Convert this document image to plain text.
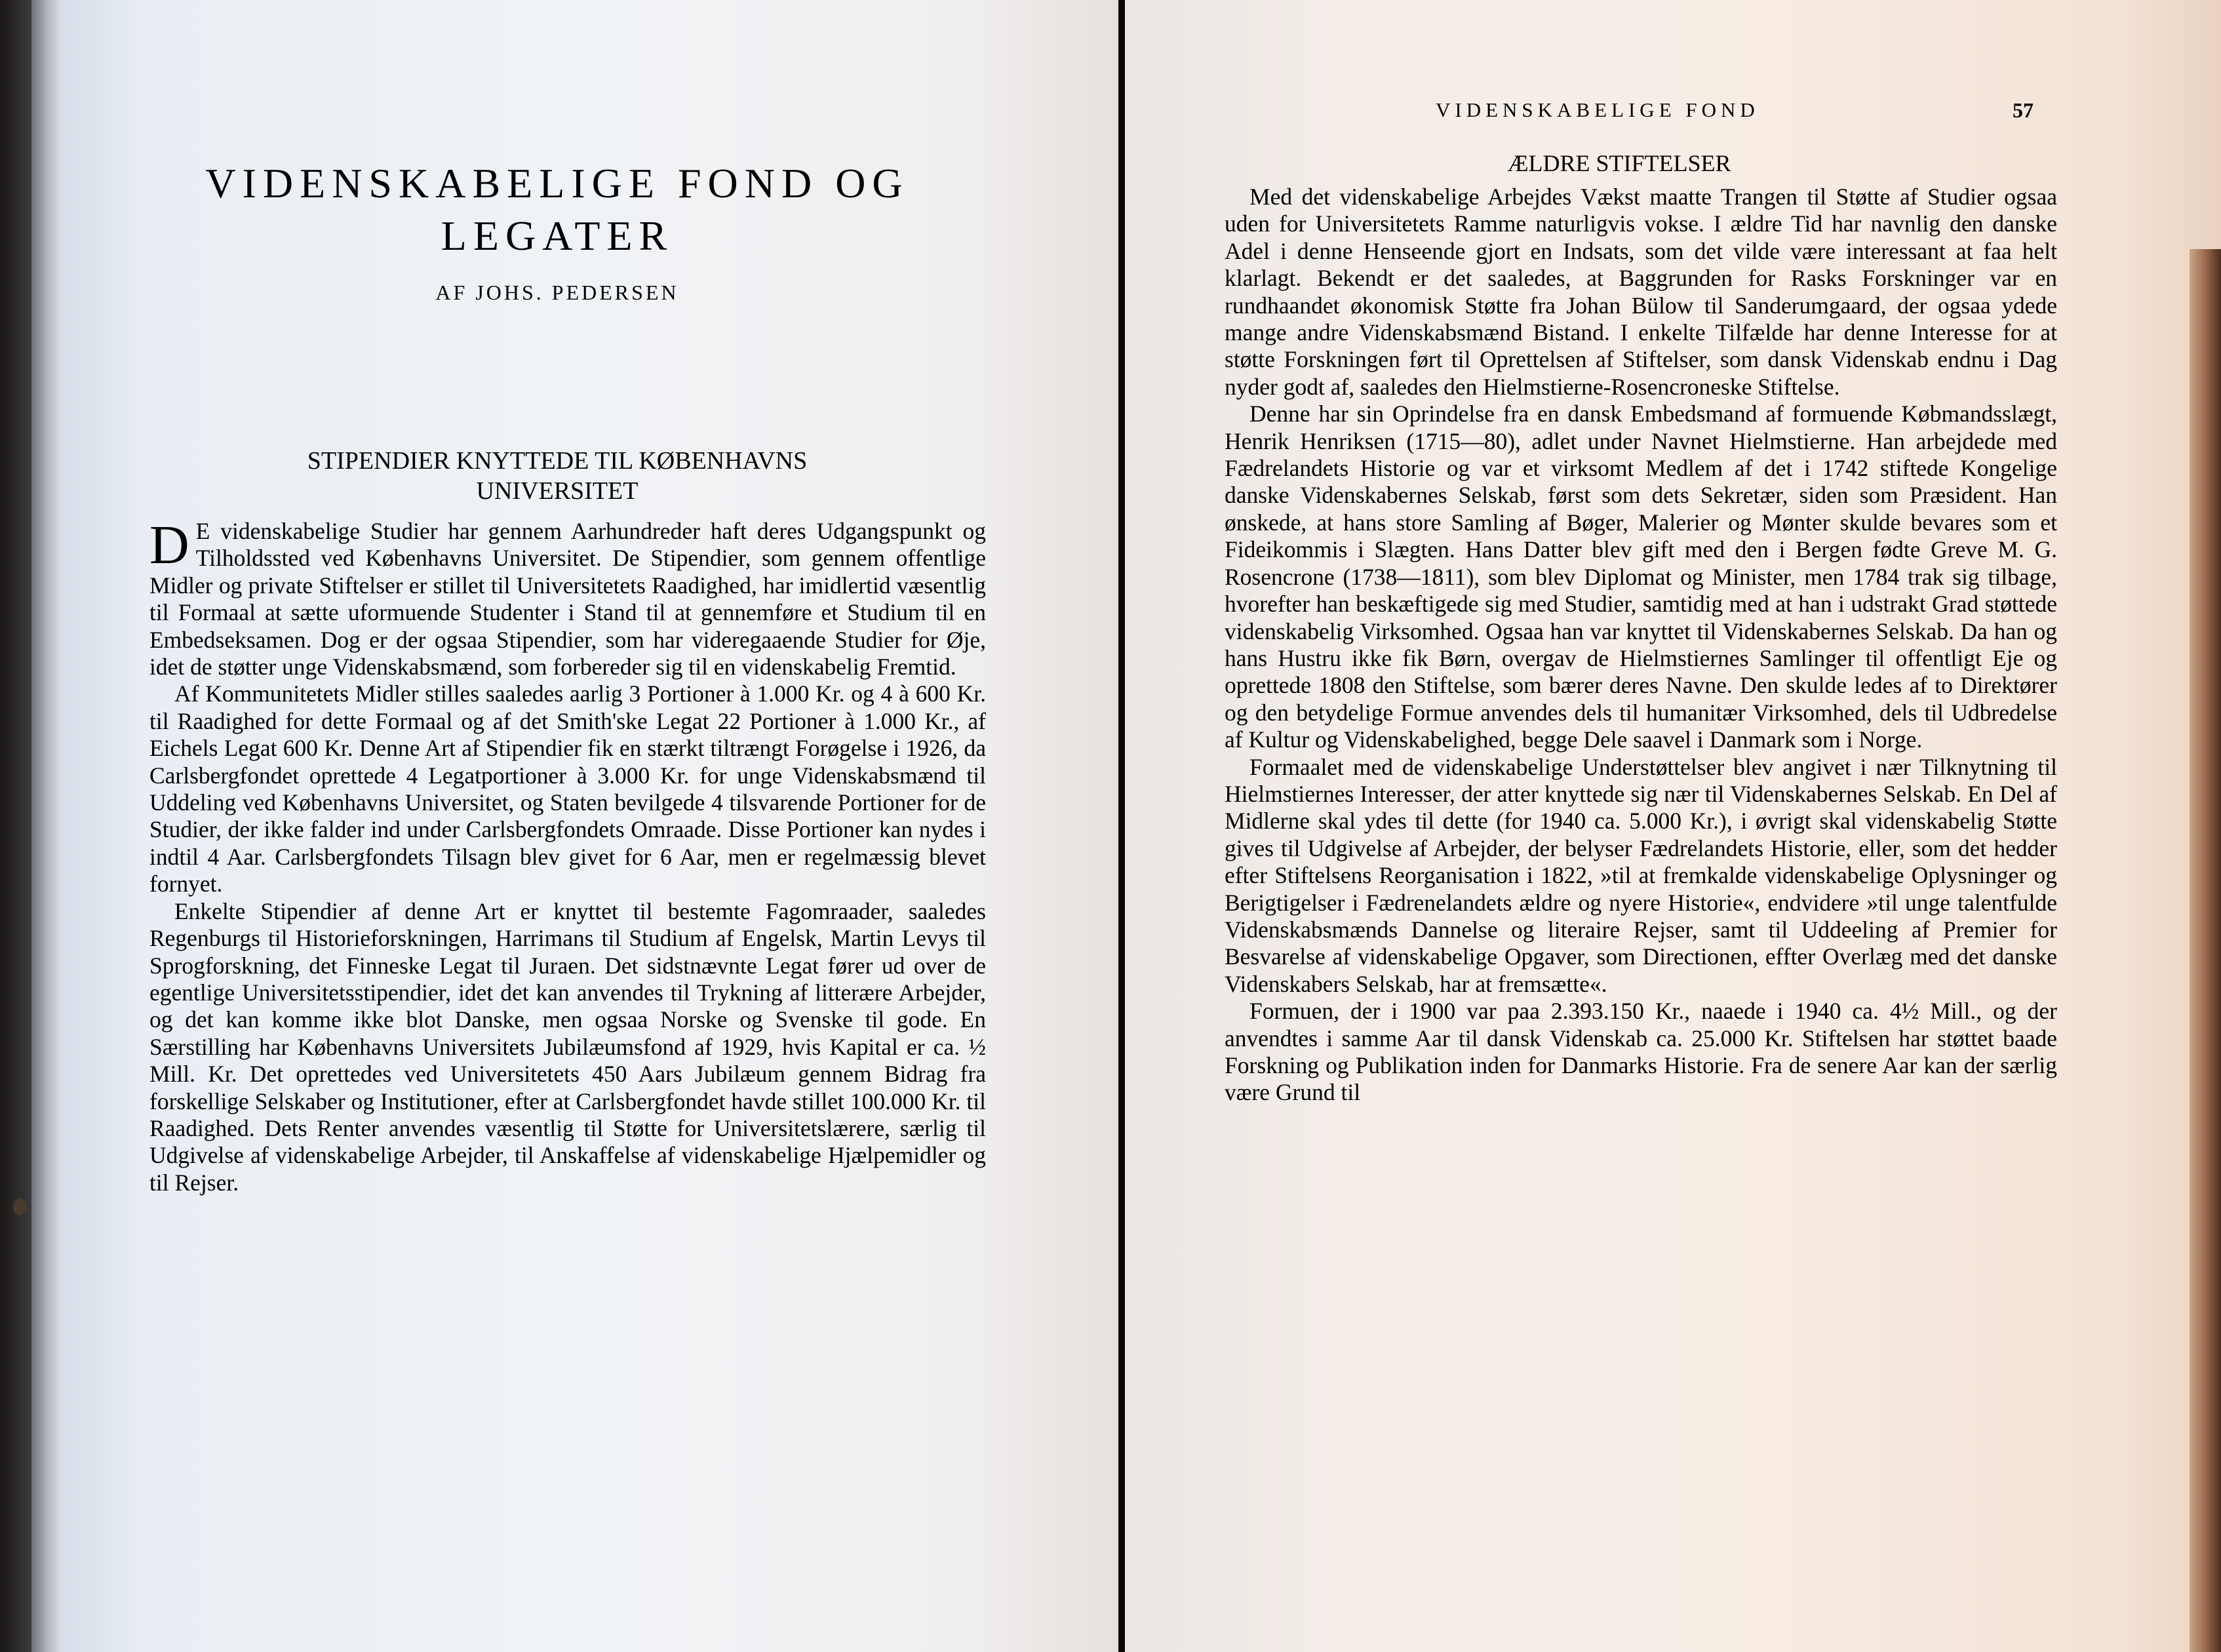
VIDENSKABELIGE FOND OG
LEGATER

AF JOHS. PEDERSEN

STIPENDIER KNYTTEDE TIL KØBENHAVNS
UNIVERSITET

D E videnskabelige Studier har gennem Aarhundreder haft deres Udgangspunkt og Tilholdssted ved Københavns Universitet. De Stipendier, som gennem offentlige Midler og private Stiftelser er stillet til Universitetets Raadighed, har imidlertid væsentlig til Formaal at sætte uformuende Studenter i Stand til at gennemføre et Studium til en Embedseksamen. Dog er der ogsaa Stipendier, som har videregaaende Studier for Øje, idet de støtter unge Videnskabsmænd, som forbereder sig til en videnskabelig Fremtid.

Af Kommunitetets Midler stilles saaledes aarlig 3 Portioner à 1.000 Kr. og 4 à 600 Kr. til Raadighed for dette Formaal og af det Smith'ske Legat 22 Portioner à 1.000 Kr., af Eichels Legat 600 Kr. Denne Art af Stipendier fik en stærkt tiltrængt Forøgelse i 1926, da Carlsbergfondet oprettede 4 Legatportioner à 3.000 Kr. for unge Videnskabsmænd til Uddeling ved Københavns Universitet, og Staten bevilgede 4 tilsvarende Portioner for de Studier, der ikke falder ind under Carlsbergfondets Omraade. Disse Portioner kan nydes i indtil 4 Aar. Carlsbergfondets Tilsagn blev givet for 6 Aar, men er regelmæssig blevet fornyet.

Enkelte Stipendier af denne Art er knyttet til bestemte Fagomraader, saaledes Regenburgs til Historieforskningen, Harrimans til Studium af Engelsk, Martin Levys til Sprogforskning, det Finneske Legat til Juraen. Det sidstnævnte Legat fører ud over de egentlige Universitetsstipendier, idet det kan anvendes til Trykning af litterære Arbejder, og det kan komme ikke blot Danske, men ogsaa Norske og Svenske til gode. En Særstilling har Københavns Universitets Jubilæumsfond af 1929, hvis Kapital er ca. ½ Mill. Kr. Det oprettedes ved Universitetets 450 Aars Jubilæum gennem Bidrag fra forskellige Selskaber og Institutioner, efter at Carlsbergfondet havde stillet 100.000 Kr. til Raadighed. Dets Renter anvendes væsentlig til Støtte for Universitetslærere, særlig til Udgivelse af videnskabelige Arbejder, til Anskaffelse af videnskabelige Hjælpemidler og til Rejser.

VIDENSKABELIGE FOND	57

ÆLDRE STIFTELSER

Med det videnskabelige Arbejdes Vækst maatte Trangen til Støtte af Studier ogsaa uden for Universitetets Ramme naturligvis vokse. I ældre Tid har navnlig den danske Adel i denne Henseende gjort en Indsats, som det vilde være interessant at faa helt klarlagt. Bekendt er det saaledes, at Baggrunden for Rasks Forskninger var en rundhaandet økonomisk Støtte fra Johan Bülow til Sanderumgaard, der ogsaa ydede mange andre Videnskabsmænd Bistand. I enkelte Tilfælde har denne Interesse for at støtte Forskningen ført til Oprettelsen af Stiftelser, som dansk Videnskab endnu i Dag nyder godt af, saaledes den Hielmstierne-Rosencroneske Stiftelse.

Denne har sin Oprindelse fra en dansk Embedsmand af formuende Købmandsslægt, Henrik Henriksen (1715—80), adlet under Navnet Hielmstierne. Han arbejdede med Fædrelandets Historie og var et virksomt Medlem af det i 1742 stiftede Kongelige danske Videnskabernes Selskab, først som dets Sekretær, siden som Præsident. Han ønskede, at hans store Samling af Bøger, Malerier og Mønter skulde bevares som et Fideikommis i Slægten. Hans Datter blev gift med den i Bergen fødte Greve M. G. Rosencrone (1738—1811), som blev Diplomat og Minister, men 1784 trak sig tilbage, hvorefter han beskæftigede sig med Studier, samtidig med at han i udstrakt Grad støttede videnskabelig Virksomhed. Ogsaa han var knyttet til Videnskabernes Selskab. Da han og hans Hustru ikke fik Børn, overgav de Hielmstiernes Samlinger til offentligt Eje og oprettede 1808 den Stiftelse, som bærer deres Navne. Den skulde ledes af to Direktører og den betydelige Formue anvendes dels til humanitær Virksomhed, dels til Udbredelse af Kultur og Videnskabelighed, begge Dele saavel i Danmark som i Norge.

Formaalet med de videnskabelige Understøttelser blev angivet i nær Tilknytning til Hielmstiernes Interesser, der atter knyttede sig nær til Videnskabernes Selskab. En Del af Midlerne skal ydes til dette (for 1940 ca. 5.000 Kr.), i øvrigt skal videnskabelig Støtte gives til Udgivelse af Arbejder, der belyser Fædrelandets Historie, eller, som det hedder efter Stiftelsens Reorganisation i 1822, »til at fremkalde videnskabelige Oplysninger og Berigtigelser i Fædrenelandets ældre og nyere Historie«, endvidere »til unge talentfulde Videnskabsmænds Dannelse og literaire Rejser, samt til Uddeeling af Premier for Besvarelse af videnskabelige Opgaver, som Directionen, effter Overlæg med det danske Videnskabers Selskab, har at fremsætte«.

Formuen, der i 1900 var paa 2.393.150 Kr., naaede i 1940 ca. 4½ Mill., og der anvendtes i samme Aar til dansk Videnskab ca. 25.000 Kr. Stiftelsen har støttet baade Forskning og Publikation inden for Danmarks Historie. Fra de senere Aar kan der særlig være Grund til
